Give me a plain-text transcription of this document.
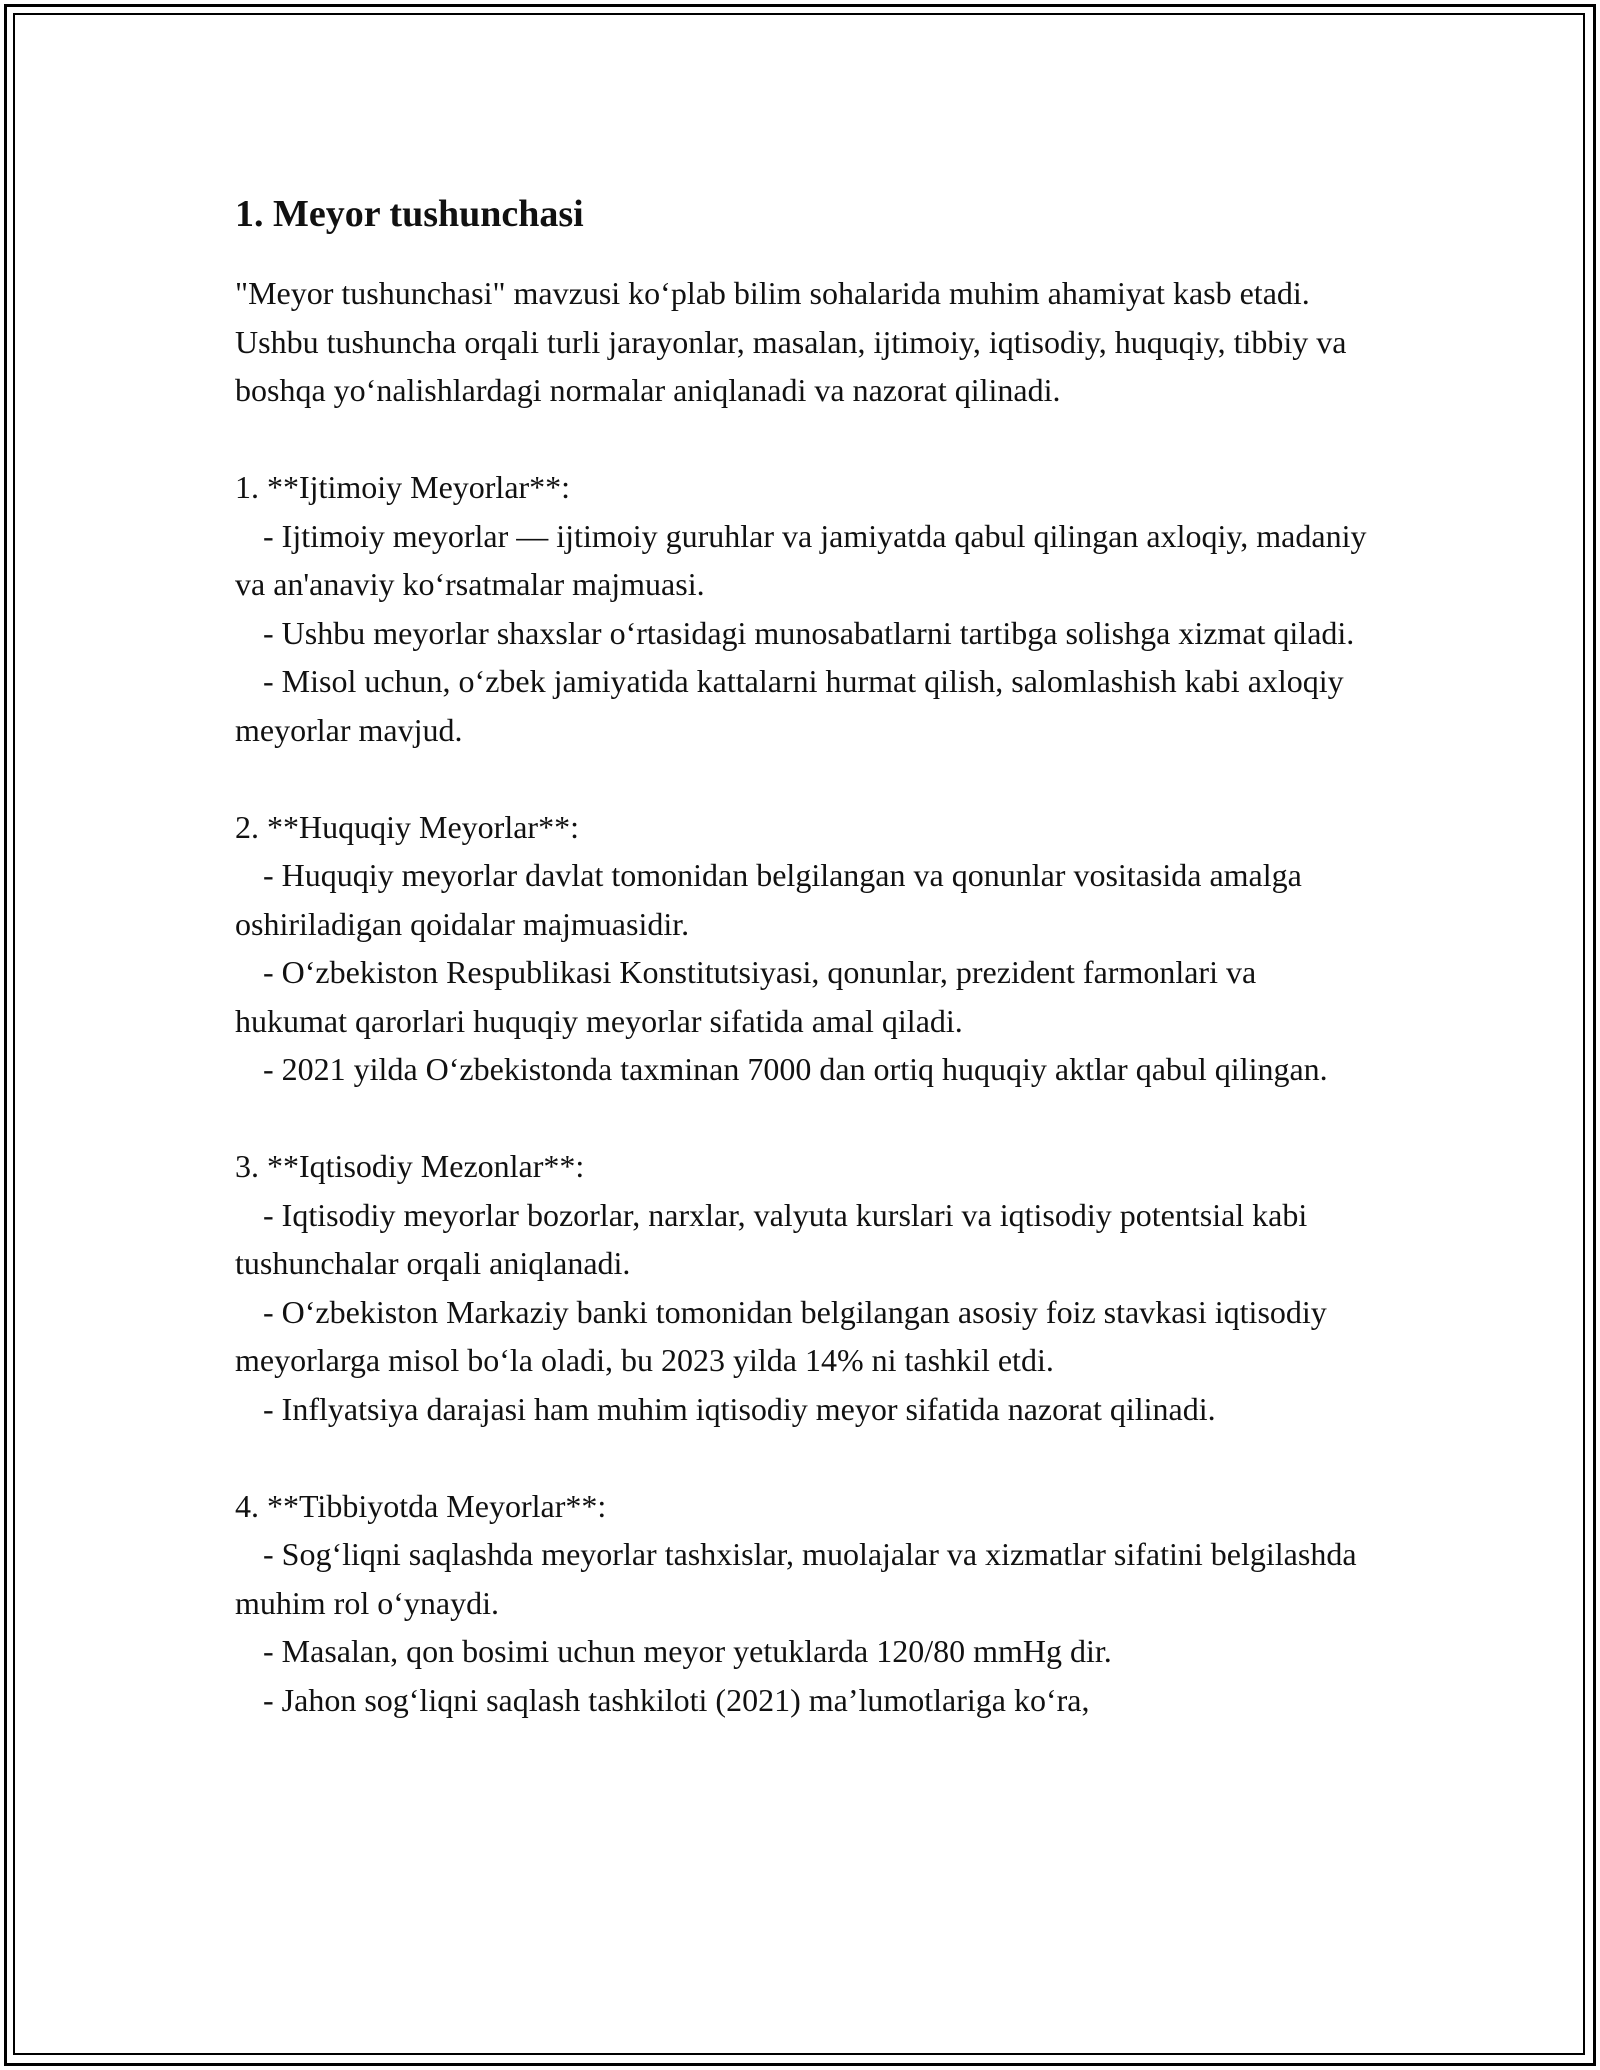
1. Meyor tushunchasi
"Meyor tushunchasi" mavzusi ko‘plab bilim sohalarida muhim ahamiyat kasb etadi. Ushbu tushuncha orqali turli jarayonlar, masalan, ijtimoiy, iqtisodiy, huquqiy, tibbiy va boshqa yo‘nalishlardagi normalar aniqlanadi va nazorat qilinadi.
1. **Ijtimoiy Meyorlar**:
- Ijtimoiy meyorlar — ijtimoiy guruhlar va jamiyatda qabul qilingan axloqiy, madaniy va an'anaviy ko‘rsatmalar majmuasi.
- Ushbu meyorlar shaxslar o‘rtasidagi munosabatlarni tartibga solishga xizmat qiladi.
- Misol uchun, o‘zbek jamiyatida kattalarni hurmat qilish, salomlashish kabi axloqiy meyorlar mavjud.
2. **Huquqiy Meyorlar**:
- Huquqiy meyorlar davlat tomonidan belgilangan va qonunlar vositasida amalga oshiriladigan qoidalar majmuasidir.
- O‘zbekiston Respublikasi Konstitutsiyasi, qonunlar, prezident farmonlari va hukumat qarorlari huquqiy meyorlar sifatida amal qiladi.
- 2021 yilda O‘zbekistonda taxminan 7000 dan ortiq huquqiy aktlar qabul qilingan.
3. **Iqtisodiy Mezonlar**:
- Iqtisodiy meyorlar bozorlar, narxlar, valyuta kurslari va iqtisodiy potentsial kabi tushunchalar orqali aniqlanadi.
- O‘zbekiston Markaziy banki tomonidan belgilangan asosiy foiz stavkasi iqtisodiy meyorlarga misol bo‘la oladi, bu 2023 yilda 14% ni tashkil etdi.
- Inflyatsiya darajasi ham muhim iqtisodiy meyor sifatida nazorat qilinadi.
4. **Tibbiyotda Meyorlar**:
- Sog‘liqni saqlashda meyorlar tashxislar, muolajalar va xizmatlar sifatini belgilashda muhim rol o‘ynaydi.
- Masalan, qon bosimi uchun meyor yetuklarda 120/80 mmHg dir.
- Jahon sog‘liqni saqlash tashkiloti (2021) ma’lumotlariga ko‘ra,
